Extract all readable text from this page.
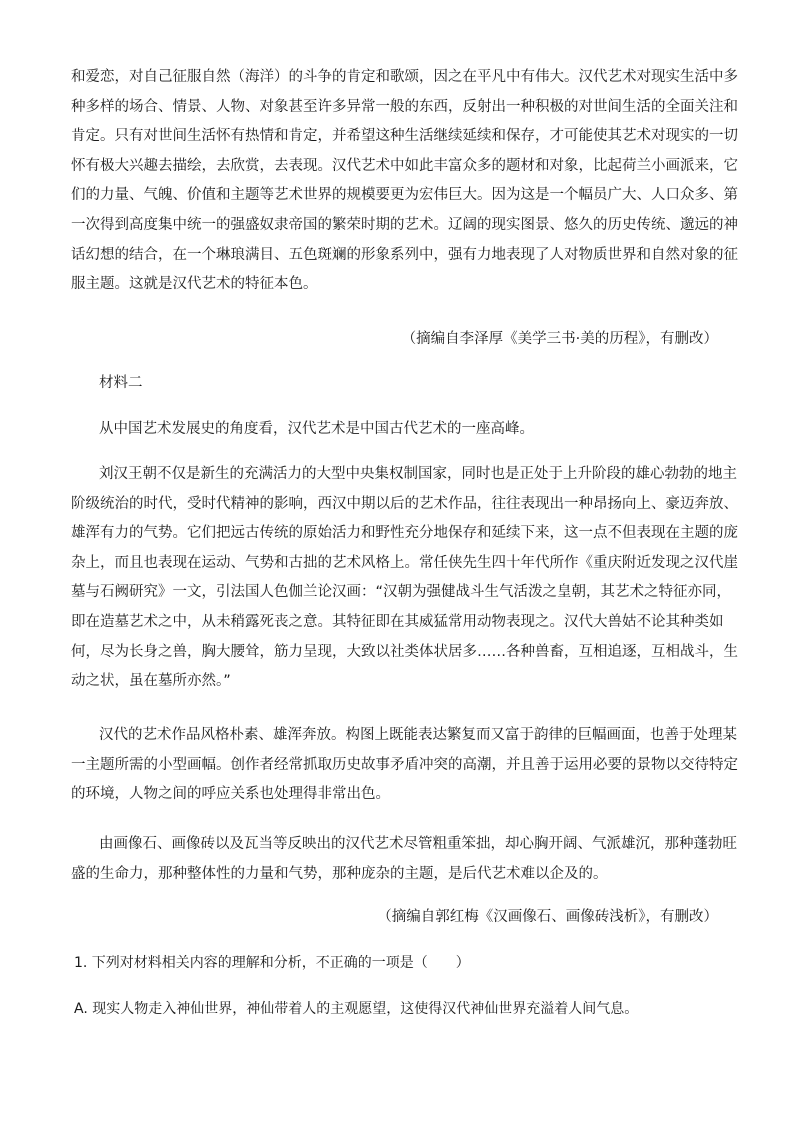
和爱恋，对自己征服自然（海洋）的斗争的肯定和歌颂，因之在平凡中有伟大。汉代艺术对现实生活中多
种多样的场合、情景、人物、对象甚至许多异常一般的东西，反射出一种积极的对世间生活的全面关注和
肯定。只有对世间生活怀有热情和肯定，并希望这种生活继续延续和保存，才可能使其艺术对现实的一切
怀有极大兴趣去描绘，去欣赏，去表现。汉代艺术中如此丰富众多的题材和对象，比起荷兰小画派来，它
们的力量、气魄、价值和主题等艺术世界的规模要更为宏伟巨大。因为这是一个幅员广大、人口众多、第
一次得到高度集中统一的强盛奴隶帝国的繁荣时期的艺术。辽阔的现实图景、悠久的历史传统、邈远的神
话幻想的结合，在一个琳琅满目、五色斑斓的形象系列中，强有力地表现了人对物质世界和自然对象的征
服主题。这就是汉代艺术的特征本色。
（摘编自李泽厚《美学三书·美的历程》，有删改）
材料二
从中国艺术发展史的角度看，汉代艺术是中国古代艺术的一座高峰。
刘汉王朝不仅是新生的充满活力的大型中央集权制国家，同时也是正处于上升阶段的雄心勃勃的地主
阶级统治的时代，受时代精神的影响，西汉中期以后的艺术作品，往往表现出一种昂扬向上、豪迈奔放、
雄浑有力的气势。它们把远古传统的原始活力和野性充分地保存和延续下来，这一点不但表现在主题的庞
杂上，而且也表现在运动、气势和古拙的艺术风格上。常任侠先生四十年代所作《重庆附近发现之汉代崖
墓与石阙研究》一文，引法国人色伽兰论汉画：“汉朝为强健战斗生气活泼之皇朝，其艺术之特征亦同，
即在造墓艺术之中，从未稍露死丧之意。其特征即在其威猛常用动物表现之。汉代大兽姑不论其种类如
何，尽为长身之兽，胸大腰耸，筋力呈现，大致以社类体状居多……各种兽畜，互相追逐，互相战斗，生
动之状，虽在墓所亦然。”
汉代的艺术作品风格朴素、雄浑奔放。构图上既能表达繁复而又富于韵律的巨幅画面，也善于处理某
一主题所需的小型画幅。创作者经常抓取历史故事矛盾冲突的高潮，并且善于运用必要的景物以交待特定
的环境，人物之间的呼应关系也处理得非常出色。
由画像石、画像砖以及瓦当等反映出的汉代艺术尽管粗重笨拙，却心胸开阔、气派雄沉，那种蓬勃旺
盛的生命力，那种整体性的力量和气势，那种庞杂的主题，是后代艺术难以企及的。
（摘编自郭红梅《汉画像石、画像砖浅析》，有删改）
1. 下列对材料相关内容的理解和分析，不正确的一项是（　　）
A. 现实人物走入神仙世界，神仙带着人的主观愿望，这使得汉代神仙世界充溢着人间气息。
